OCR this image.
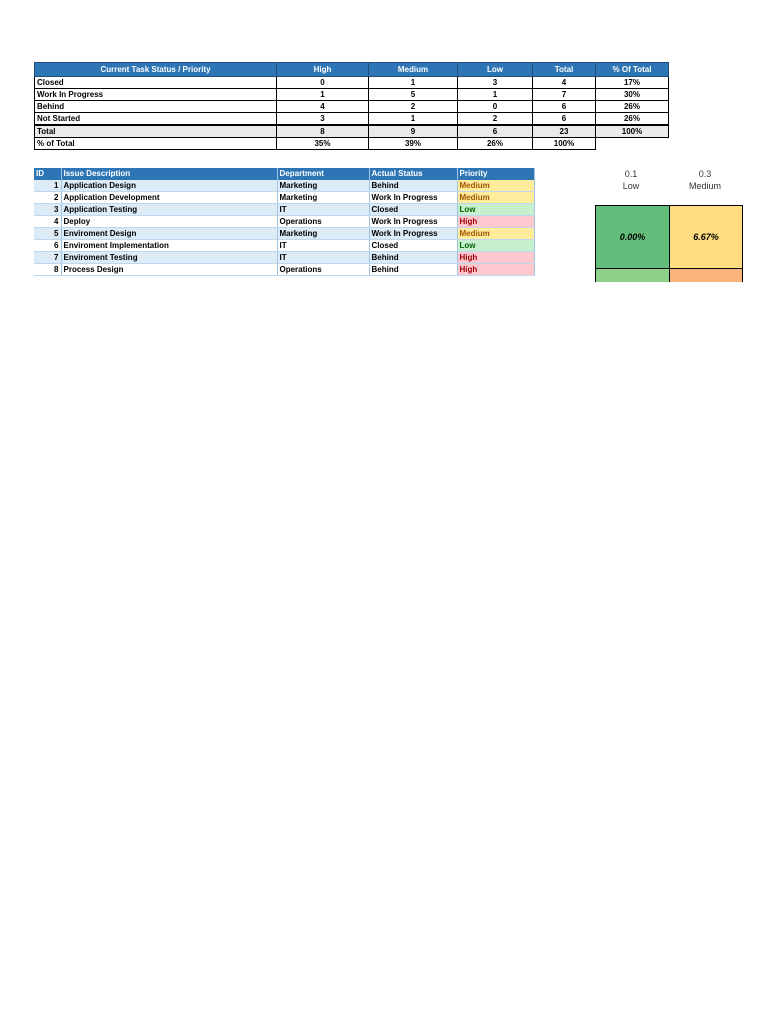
Current Task Status / Priority	High	Medium	Low	Total	% Of Total
Closed	0	1	3	4	17%
Work In Progress	1	5	1	7	30%
Behind	4	2	0	6	26%
Not Started	3	1	2	6	26%
Total	8	9	6	23	100%
% of Total	35%	39%	26%	100%	
ID	Issue Description	Department	Actual Status	Priority
1	Application Design	Marketing	Behind	Medium
2	Application Development	Marketing	Work In Progress	Medium
3	Application Testing	IT	Closed	Low
4	Deploy	Operations	Work In Progress	High
5	Enviroment Design	Marketing	Work In Progress	Medium
6	Enviroment Implementation	IT	Closed	Low
7	Enviroment Testing	IT	Behind	High
8	Process Design	Operations	Behind	High
0.1
Low
0.3
Medium
0.00%	6.67%
